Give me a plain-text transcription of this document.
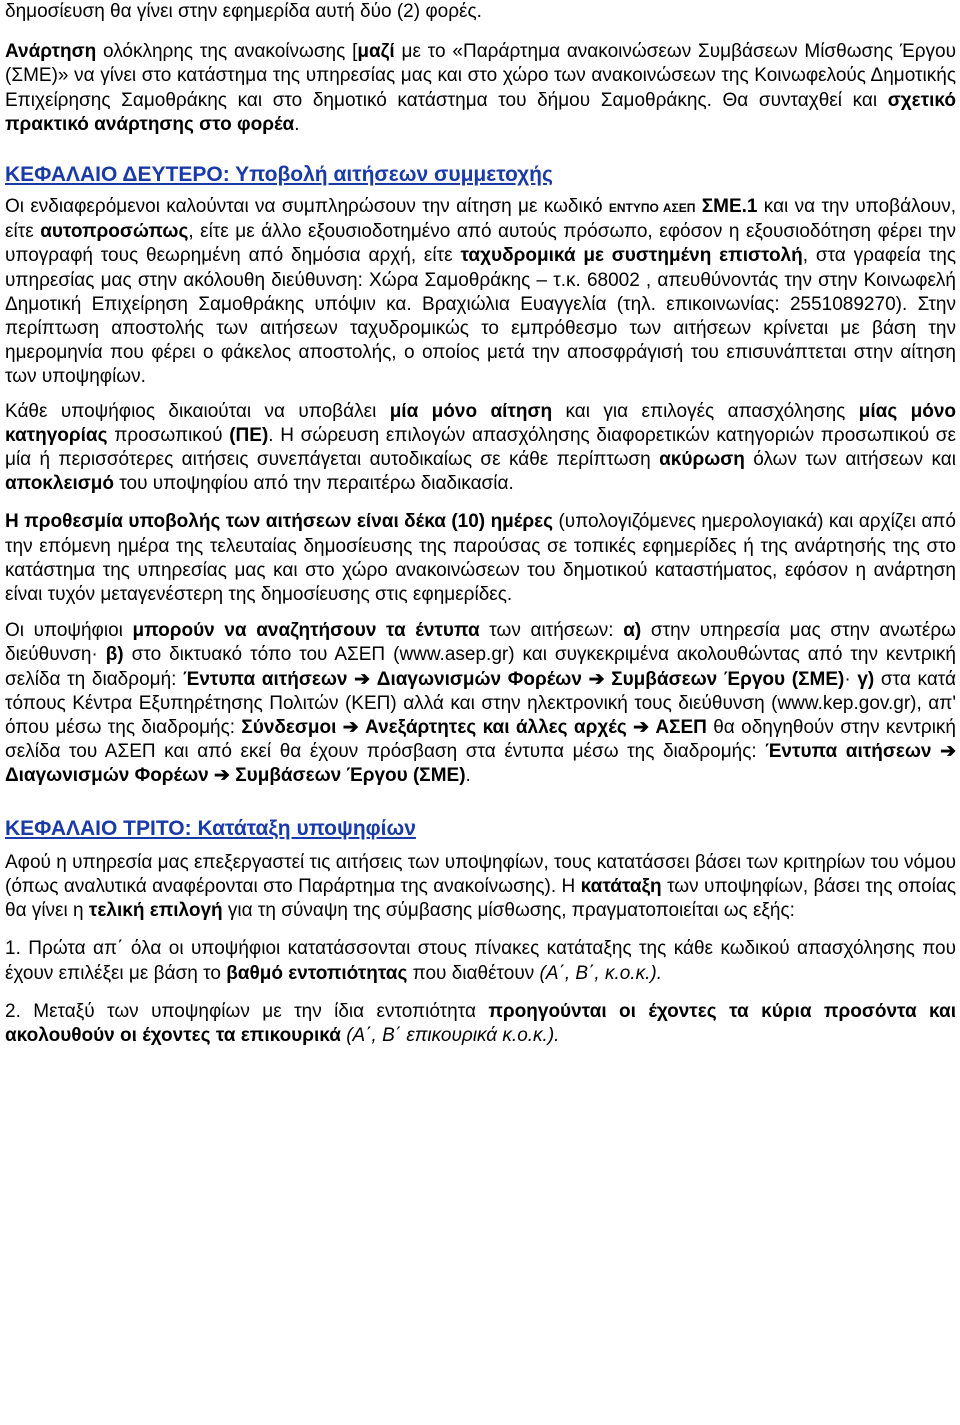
δημοσίευση θα γίνει στην εφημερίδα αυτή δύο (2) φορές.

Ανάρτηση ολόκληρης της ανακοίνωσης [μαζί με το «Παράρτημα ανακοινώσεων Συμβάσεων Μίσθωσης Έργου (ΣΜΕ)» να γίνει στο κατάστημα της υπηρεσίας μας και στο χώρο των ανακοινώσεων της Κοινωφελούς Δημοτικής Επιχείρησης Σαμοθράκης και στο δημοτικό κατάστημα του δήμου Σαμοθράκης. Θα συνταχθεί και σχετικό πρακτικό ανάρτησης στο φορέα.

ΚΕΦΑΛΑΙΟ ΔΕΥΤΕΡΟ: Υποβολή αιτήσεων συμμετοχής

Οι ενδιαφερόμενοι καλούνται να συμπληρώσουν την αίτηση με κωδικό ΕΝΤΥΠΟ ΑΣΕΠ ΣΜΕ.1 και να την υποβάλουν, είτε αυτοπροσώπως, είτε με άλλο εξουσιοδοτημένο από αυτούς πρόσωπο, εφόσον η εξουσιοδότηση φέρει την υπογραφή τους θεωρημένη από δημόσια αρχή, είτε ταχυδρομικά με συστημένη επιστολή, στα γραφεία της υπηρεσίας μας στην ακόλουθη διεύθυνση: Χώρα Σαμοθράκης – τ.κ. 68002 , απευθύνοντάς την στην Κοινωφελή Δημοτική Επιχείρηση Σαμοθράκης υπόψιν κα. Βραχιώλια Ευαγγελία (τηλ. επικοινωνίας: 2551089270). Στην περίπτωση αποστολής των αιτήσεων ταχυδρομικώς το εμπρόθεσμο των αιτήσεων κρίνεται με βάση την ημερομηνία που φέρει ο φάκελος αποστολής, ο οποίος μετά την αποσφράγισή του επισυνάπτεται στην αίτηση των υποψηφίων.

Κάθε υποψήφιος δικαιούται να υποβάλει μία μόνο αίτηση και για επιλογές απασχόλησης μίας μόνο κατηγορίας προσωπικού (ΠΕ). Η σώρευση επιλογών απασχόλησης διαφορετικών κατηγοριών προσωπικού σε μία ή περισσότερες αιτήσεις συνεπάγεται αυτοδικαίως σε κάθε περίπτωση ακύρωση όλων των αιτήσεων και αποκλεισμό του υποψηφίου από την περαιτέρω διαδικασία.

Η προθεσμία υποβολής των αιτήσεων είναι δέκα (10) ημέρες (υπολογιζόμενες ημερολογιακά) και αρχίζει από την επόμενη ημέρα της τελευταίας δημοσίευσης της παρούσας σε τοπικές εφημερίδες ή της ανάρτησής της στο κατάστημα της υπηρεσίας μας και στο χώρο ανακοινώσεων του δημοτικού καταστήματος, εφόσον η ανάρτηση είναι τυχόν μεταγενέστερη της δημοσίευσης στις εφημερίδες.

Οι υποψήφιοι μπορούν να αναζητήσουν τα έντυπα των αιτήσεων: α) στην υπηρεσία μας στην ανωτέρω διεύθυνση· β) στο δικτυακό τόπο του ΑΣΕΠ (www.asep.gr) και συγκεκριμένα ακολουθώντας από την κεντρική σελίδα τη διαδρομή: Έντυπα αιτήσεων ➔ Διαγωνισμών Φορέων ➔ Συμβάσεων Έργου (ΣΜΕ)· γ) στα κατά τόπους Κέντρα Εξυπηρέτησης Πολιτών (ΚΕΠ) αλλά και στην ηλεκτρονική τους διεύθυνση (www.kep.gov.gr), απ' όπου μέσω της διαδρομής: Σύνδεσμοι ➔ Ανεξάρτητες και άλλες αρχές ➔ ΑΣΕΠ θα οδηγηθούν στην κεντρική σελίδα του ΑΣΕΠ και από εκεί θα έχουν πρόσβαση στα έντυπα μέσω της διαδρομής: Έντυπα αιτήσεων ➔ Διαγωνισμών Φορέων ➔ Συμβάσεων Έργου (ΣΜΕ).

ΚΕΦΑΛΑΙΟ ΤΡΙΤΟ: Κατάταξη υποψηφίων

Αφού η υπηρεσία μας επεξεργαστεί τις αιτήσεις των υποψηφίων, τους κατατάσσει βάσει των κριτηρίων του νόμου (όπως αναλυτικά αναφέρονται στο Παράρτημα της ανακοίνωσης). Η κατάταξη των υποψηφίων, βάσει της οποίας θα γίνει η τελική επιλογή για τη σύναψη της σύμβασης μίσθωσης, πραγματοποιείται ως εξής:

1. Πρώτα απ΄ όλα οι υποψήφιοι κατατάσσονται στους πίνακες κατάταξης της κάθε κωδικού απασχόλησης που έχουν επιλέξει με βάση το βαθμό εντοπιότητας που διαθέτουν (Α΄, Β΄, κ.ο.κ.).

2. Μεταξύ των υποψηφίων με την ίδια εντοπιότητα προηγούνται οι έχοντες τα κύρια προσόντα και ακολουθούν οι έχοντες τα επικουρικά (Α΄, Β΄ επικουρικά κ.ο.κ.).
